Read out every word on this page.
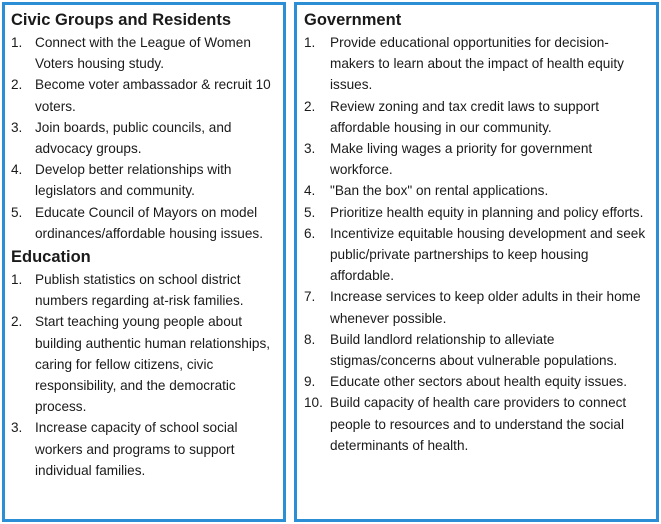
Civic Groups and Residents
1. Connect with the League of Women Voters housing study.
2. Become voter ambassador & recruit 10 voters.
3. Join boards, public councils, and advocacy groups.
4. Develop better relationships with legislators and community.
5. Educate Council of Mayors on model ordinances/affordable housing issues.
Education
1. Publish statistics on school district numbers regarding at-risk families.
2. Start teaching young people about building authentic human relationships, caring for fellow citizens, civic responsibility, and the democratic process.
3. Increase capacity of school social workers and programs to support individual families.
Government
1.	Provide educational opportunities for decision-makers to learn about the impact of health equity issues.
2.	Review zoning and tax credit laws to support affordable housing in our community.
3.	Make living wages a priority for government workforce.
4.	"Ban the box" on rental applications.
5.	Prioritize health equity in planning and policy efforts.
6.	Incentivize equitable housing development and seek public/private partnerships to keep housing affordable.
7.	Increase services to keep older adults in their home whenever possible.
8.	Build landlord relationship to alleviate stigmas/concerns about vulnerable populations.
9.	Educate other sectors about health equity issues.
10. Build capacity of health care providers to connect people to resources and to understand the social determinants of health.
